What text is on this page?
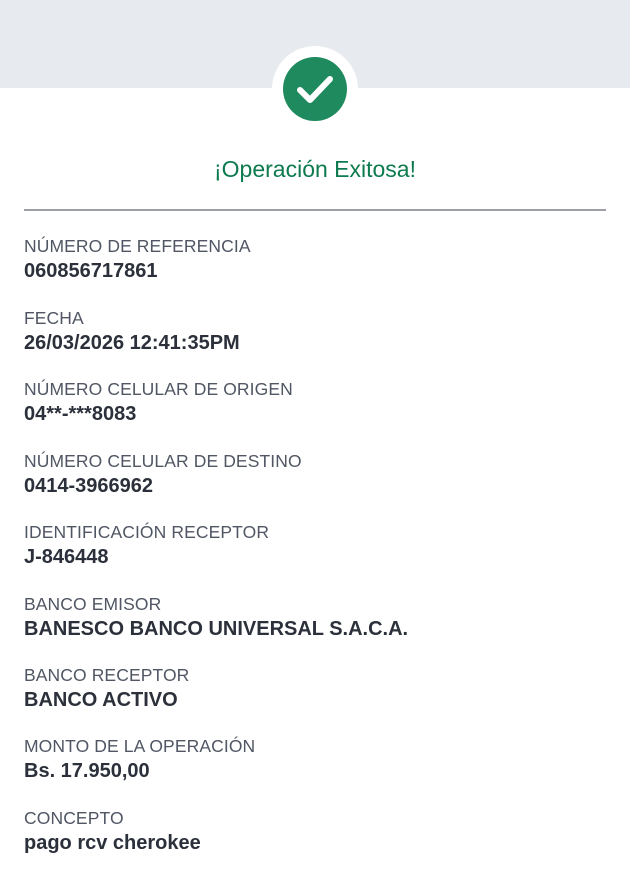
¡Operación Exitosa!
NÚMERO DE REFERENCIA
060856717861
FECHA
26/03/2026 12:41:35PM
NÚMERO CELULAR DE ORIGEN
04**-***8083
NÚMERO CELULAR DE DESTINO
0414-3966962
IDENTIFICACIÓN RECEPTOR
J-846448
BANCO EMISOR
BANESCO BANCO UNIVERSAL S.A.C.A.
BANCO RECEPTOR
BANCO ACTIVO
MONTO DE LA OPERACIÓN
Bs. 17.950,00
CONCEPTO
pago rcv cherokee
